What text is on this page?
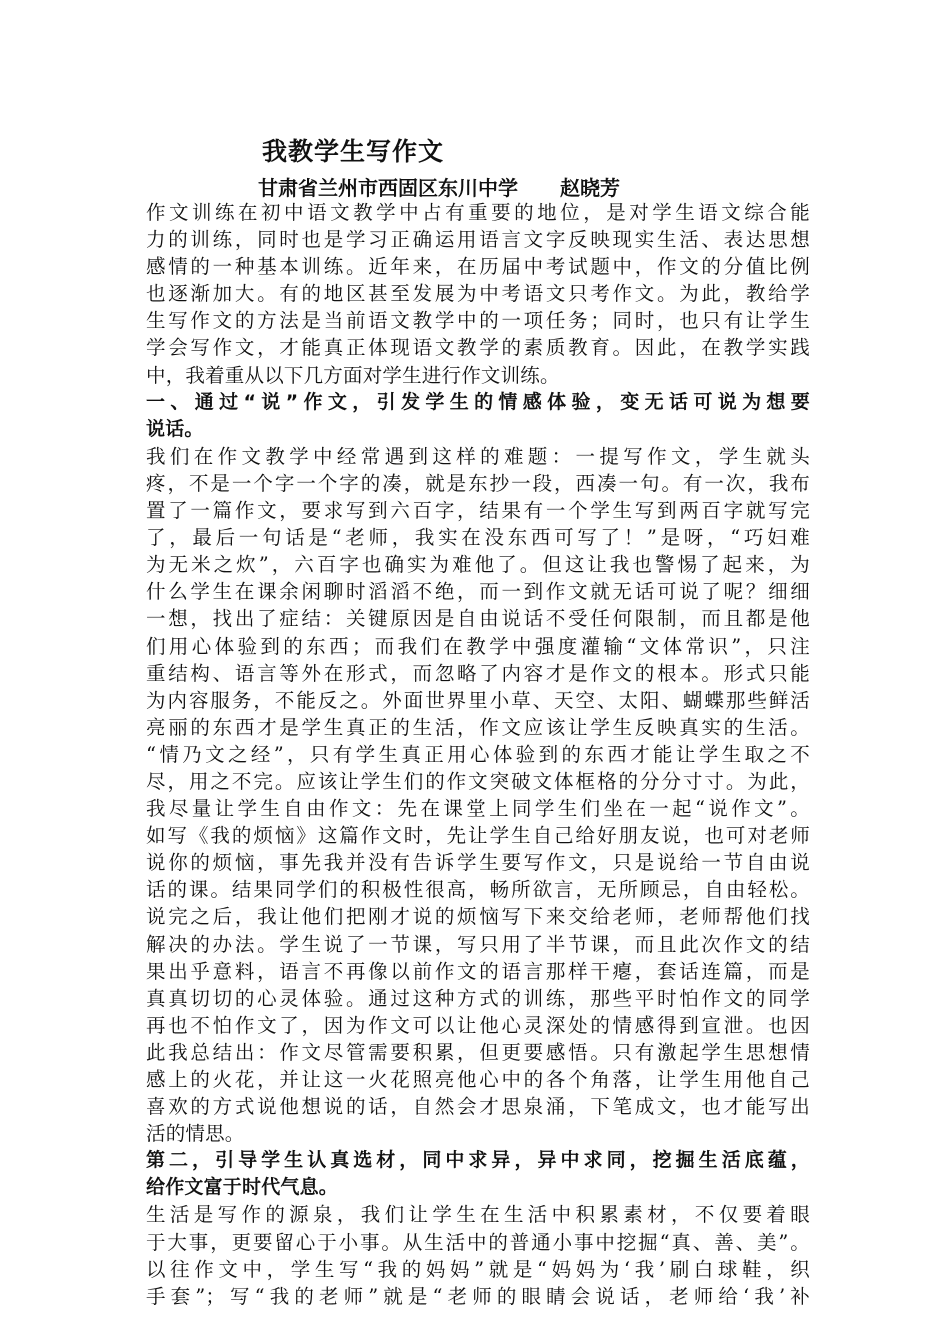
我教学生写作文
甘肃省兰州市西固区东川中学 赵晓芳
作文训练在初中语文教学中占有重要的地位，是对学生语文综合能
力的训练，同时也是学习正确运用语言文字反映现实生活、表达思想
感情的一种基本训练。近年来，在历届中考试题中，作文的分值比例
也逐渐加大。有的地区甚至发展为中考语文只考作文。为此，教给学
生写作文的方法是当前语文教学中的一项任务；同时，也只有让学生
学会写作文，才能真正体现语文教学的素质教育。因此，在教学实践
中，我着重从以下几方面对学生进行作文训练。
一、通过“说”作文，引发学生的情感体验，变无话可说为想要
说话。
我们在作文教学中经常遇到这样的难题：一提写作文，学生就头
疼，不是一个字一个字的凑，就是东抄一段，西凑一句。有一次，我布
置了一篇作文，要求写到六百字，结果有一个学生写到两百字就写完
了，最后一句话是“老师，我实在没东西可写了！”是呀，“巧妇难
为无米之炊”，六百字也确实为难他了。但这让我也警惕了起来，为
什么学生在课余闲聊时滔滔不绝，而一到作文就无话可说了呢？细细
一想，找出了症结：关键原因是自由说话不受任何限制，而且都是他
们用心体验到的东西；而我们在教学中强度灌输“文体常识”，只注
重结构、语言等外在形式，而忽略了内容才是作文的根本。形式只能
为内容服务，不能反之。外面世界里小草、天空、太阳、蝴蝶那些鲜活
亮丽的东西才是学生真正的生活，作文应该让学生反映真实的生活。
“情乃文之经”，只有学生真正用心体验到的东西才能让学生取之不
尽，用之不完。应该让学生们的作文突破文体框格的分分寸寸。为此，
我尽量让学生自由作文：先在课堂上同学生们坐在一起“说作文”。
如写《我的烦恼》这篇作文时，先让学生自己给好朋友说，也可对老师
说你的烦恼，事先我并没有告诉学生要写作文，只是说给一节自由说
话的课。结果同学们的积极性很高，畅所欲言，无所顾忌，自由轻松。
说完之后，我让他们把刚才说的烦恼写下来交给老师，老师帮他们找
解决的办法。学生说了一节课，写只用了半节课，而且此次作文的结
果出乎意料，语言不再像以前作文的语言那样干瘪，套话连篇，而是
真真切切的心灵体验。通过这种方式的训练，那些平时怕作文的同学
再也不怕作文了，因为作文可以让他心灵深处的情感得到宣泄。也因
此我总结出：作文尽管需要积累，但更要感悟。只有激起学生思想情
感上的火花，并让这一火花照亮他心中的各个角落，让学生用他自己
喜欢的方式说他想说的话，自然会才思泉涌，下笔成文，也才能写出
活的情思。
第二，引导学生认真选材，同中求异，异中求同，挖掘生活底蕴，
给作文富于时代气息。
生活是写作的源泉，我们让学生在生活中积累素材，不仅要着眼
于大事，更要留心于小事。从生活中的普通小事中挖掘“真、善、美”。
以往作文中，学生写“我的妈妈”就是“妈妈为‘我’刷白球鞋，织
手套”；写“我的老师”就是“老师的眼睛会说话，老师给‘我’补
